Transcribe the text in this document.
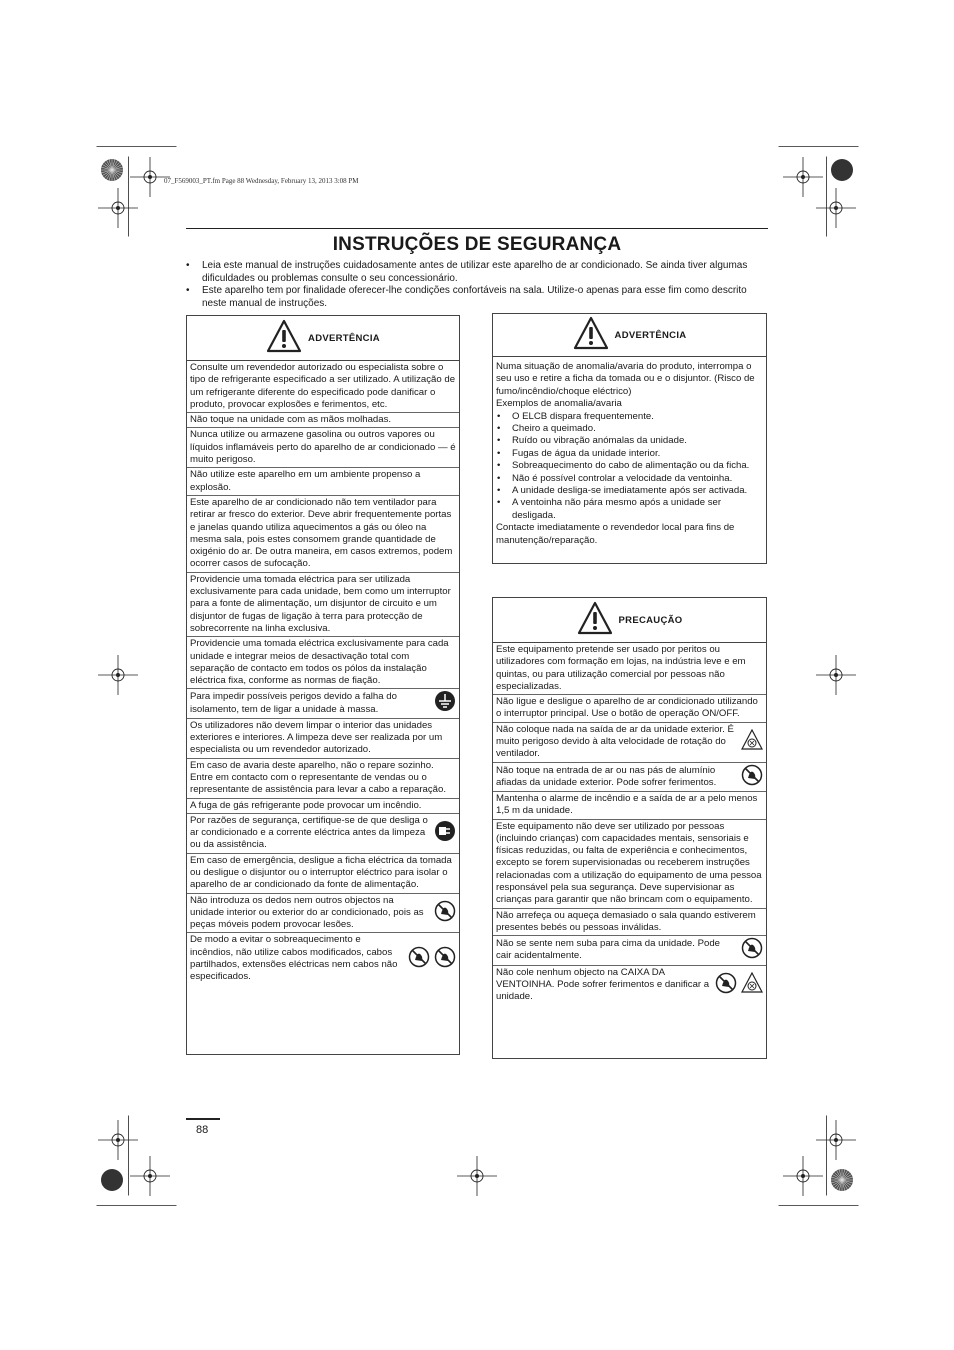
07_F569003_PT.fm Page 88 Wednesday, February 13, 2013 3:08 PM
INSTRUÇÕES DE SEGURANÇA
• Leia este manual de instruções cuidadosamente antes de utilizar este aparelho de ar condicionado. Se ainda tiver algumas dificuldades ou problemas consulte o seu concessionário.
• Este aparelho tem por finalidade oferecer-lhe condições confortáveis na sala. Utilize-o apenas para esse fim como descrito neste manual de instruções.
ADVERTÊNCIA
Consulte um revendedor autorizado ou especialista sobre o tipo de refrigerante especificado a ser utilizado. A utilização de um refrigerante diferente do especificado pode danificar o produto, provocar explosões e ferimentos, etc.
Não toque na unidade com as mãos molhadas.
Nunca utilize ou armazene gasolina ou outros vapores ou líquidos inflamáveis perto do aparelho de ar condicionado — é muito perigoso.
Não utilize este aparelho em um ambiente propenso a explosão.
Este aparelho de ar condicionado não tem ventilador para retirar ar fresco do exterior. Deve abrir frequentemente portas e janelas quando utiliza aquecimentos a gás ou óleo na mesma sala, pois estes consomem grande quantidade de oxigénio do ar. De outra maneira, em casos extremos, podem ocorrer casos de sufocação.
Providencie uma tomada eléctrica para ser utilizada exclusivamente para cada unidade, bem como um interruptor para a fonte de alimentação, um disjuntor de circuito e um disjuntor de fugas de ligação à terra para protecção de sobrecorrente na linha exclusiva.
Providencie uma tomada eléctrica exclusivamente para cada unidade e integrar meios de desactivação total com separação de contacto em todos os pólos da instalação eléctrica fixa, conforme as normas de fiação.
Para impedir possíveis perigos devido a falha do isolamento, tem de ligar a unidade à massa.
Os utilizadores não devem limpar o interior das unidades exteriores e interiores. A limpeza deve ser realizada por um especialista ou um revendedor autorizado.
Em caso de avaria deste aparelho, não o repare sozinho. Entre em contacto com o representante de vendas ou o representante de assistência para levar a cabo a reparação.
A fuga de gás refrigerante pode provocar um incêndio.
Por razões de segurança, certifique-se de que desliga o ar condicionado e a corrente eléctrica antes da limpeza ou da assistência.
Em caso de emergência, desligue a ficha eléctrica da tomada ou desligue o disjuntor ou o interruptor eléctrico para isolar o aparelho de ar condicionado da fonte de alimentação.
Não introduza os dedos nem outros objectos na unidade interior ou exterior do ar condicionado, pois as peças móveis podem provocar lesões.
De modo a evitar o sobreaquecimento e incêndios, não utilize cabos modificados, cabos partilhados, extensões eléctricas nem cabos não especificados.
ADVERTÊNCIA
Numa situação de anomalia/avaria do produto, interrompa o seu uso e retire a ficha da tomada ou e o disjuntor. (Risco de fumo/incêndio/choque eléctrico)
Exemplos de anomalia/avaria
• O ELCB dispara frequentemente.
• Cheiro a queimado.
• Ruído ou vibração anómalas da unidade.
• Fugas de água da unidade interior.
• Sobreaquecimento do cabo de alimentação ou da ficha.
• Não é possível controlar a velocidade da ventoinha.
• A unidade desliga-se imediatamente após ser activada.
• A ventoinha não pára mesmo após a unidade ser desligada.
Contacte imediatamente o revendedor local para fins de manutenção/reparação.
PRECAUÇÃO
Este equipamento pretende ser usado por peritos ou utilizadores com formação em lojas, na indústria leve e em quintas, ou para utilização comercial por pessoas não especializadas.
Não ligue e desligue o aparelho de ar condicionado utilizando o interruptor principal. Use o botão de operação ON/OFF.
Não coloque nada na saída de ar da unidade exterior. É muito perigoso devido à alta velocidade de rotação do ventilador.
Não toque na entrada de ar ou nas pás de alumínio afiadas da unidade exterior. Pode sofrer ferimentos.
Mantenha o alarme de incêndio e a saída de ar a pelo menos 1,5 m da unidade.
Este equipamento não deve ser utilizado por pessoas (incluindo crianças) com capacidades mentais, sensoriais e físicas reduzidas, ou falta de experiência e conhecimentos, excepto se forem supervisionadas ou receberem instruções relacionadas com a utilização do equipamento de uma pessoa responsável pela sua segurança. Deve supervisionar as crianças para garantir que não brincam com o equipamento.
Não arrefeça ou aqueça demasiado o sala quando estiverem presentes bebés ou pessoas inválidas.
Não se sente nem suba para cima da unidade. Pode cair acidentalmente.
Não cole nenhum objecto na CAIXA DA VENTOINHA. Pode sofrer ferimentos e danificar a unidade.
88
